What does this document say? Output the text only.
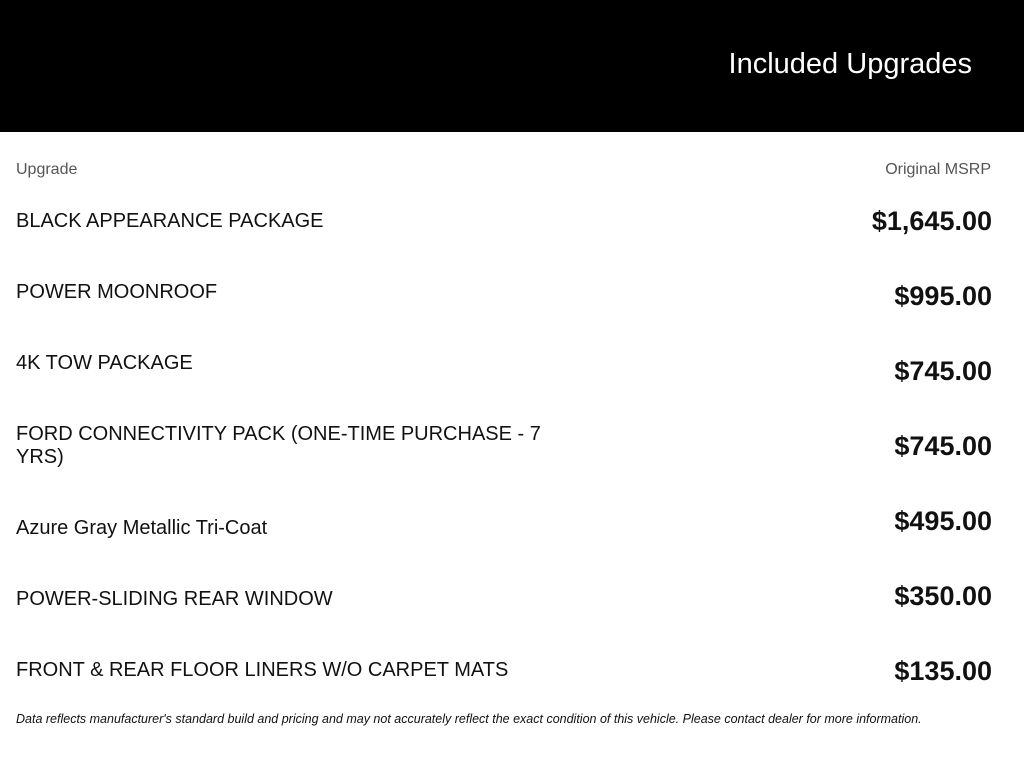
Included Upgrades
Upgrade	Original MSRP
BLACK APPEARANCE PACKAGE	$1,645.00
POWER MOONROOF	$995.00
4K TOW PACKAGE	$745.00
FORD CONNECTIVITY PACK (ONE-TIME PURCHASE - 7 YRS)	$745.00
Azure Gray Metallic Tri-Coat	$495.00
POWER-SLIDING REAR WINDOW	$350.00
FRONT & REAR FLOOR LINERS W/O CARPET MATS	$135.00
Data reflects manufacturer's standard build and pricing and may not accurately reflect the exact condition of this vehicle. Please contact dealer for more information.
